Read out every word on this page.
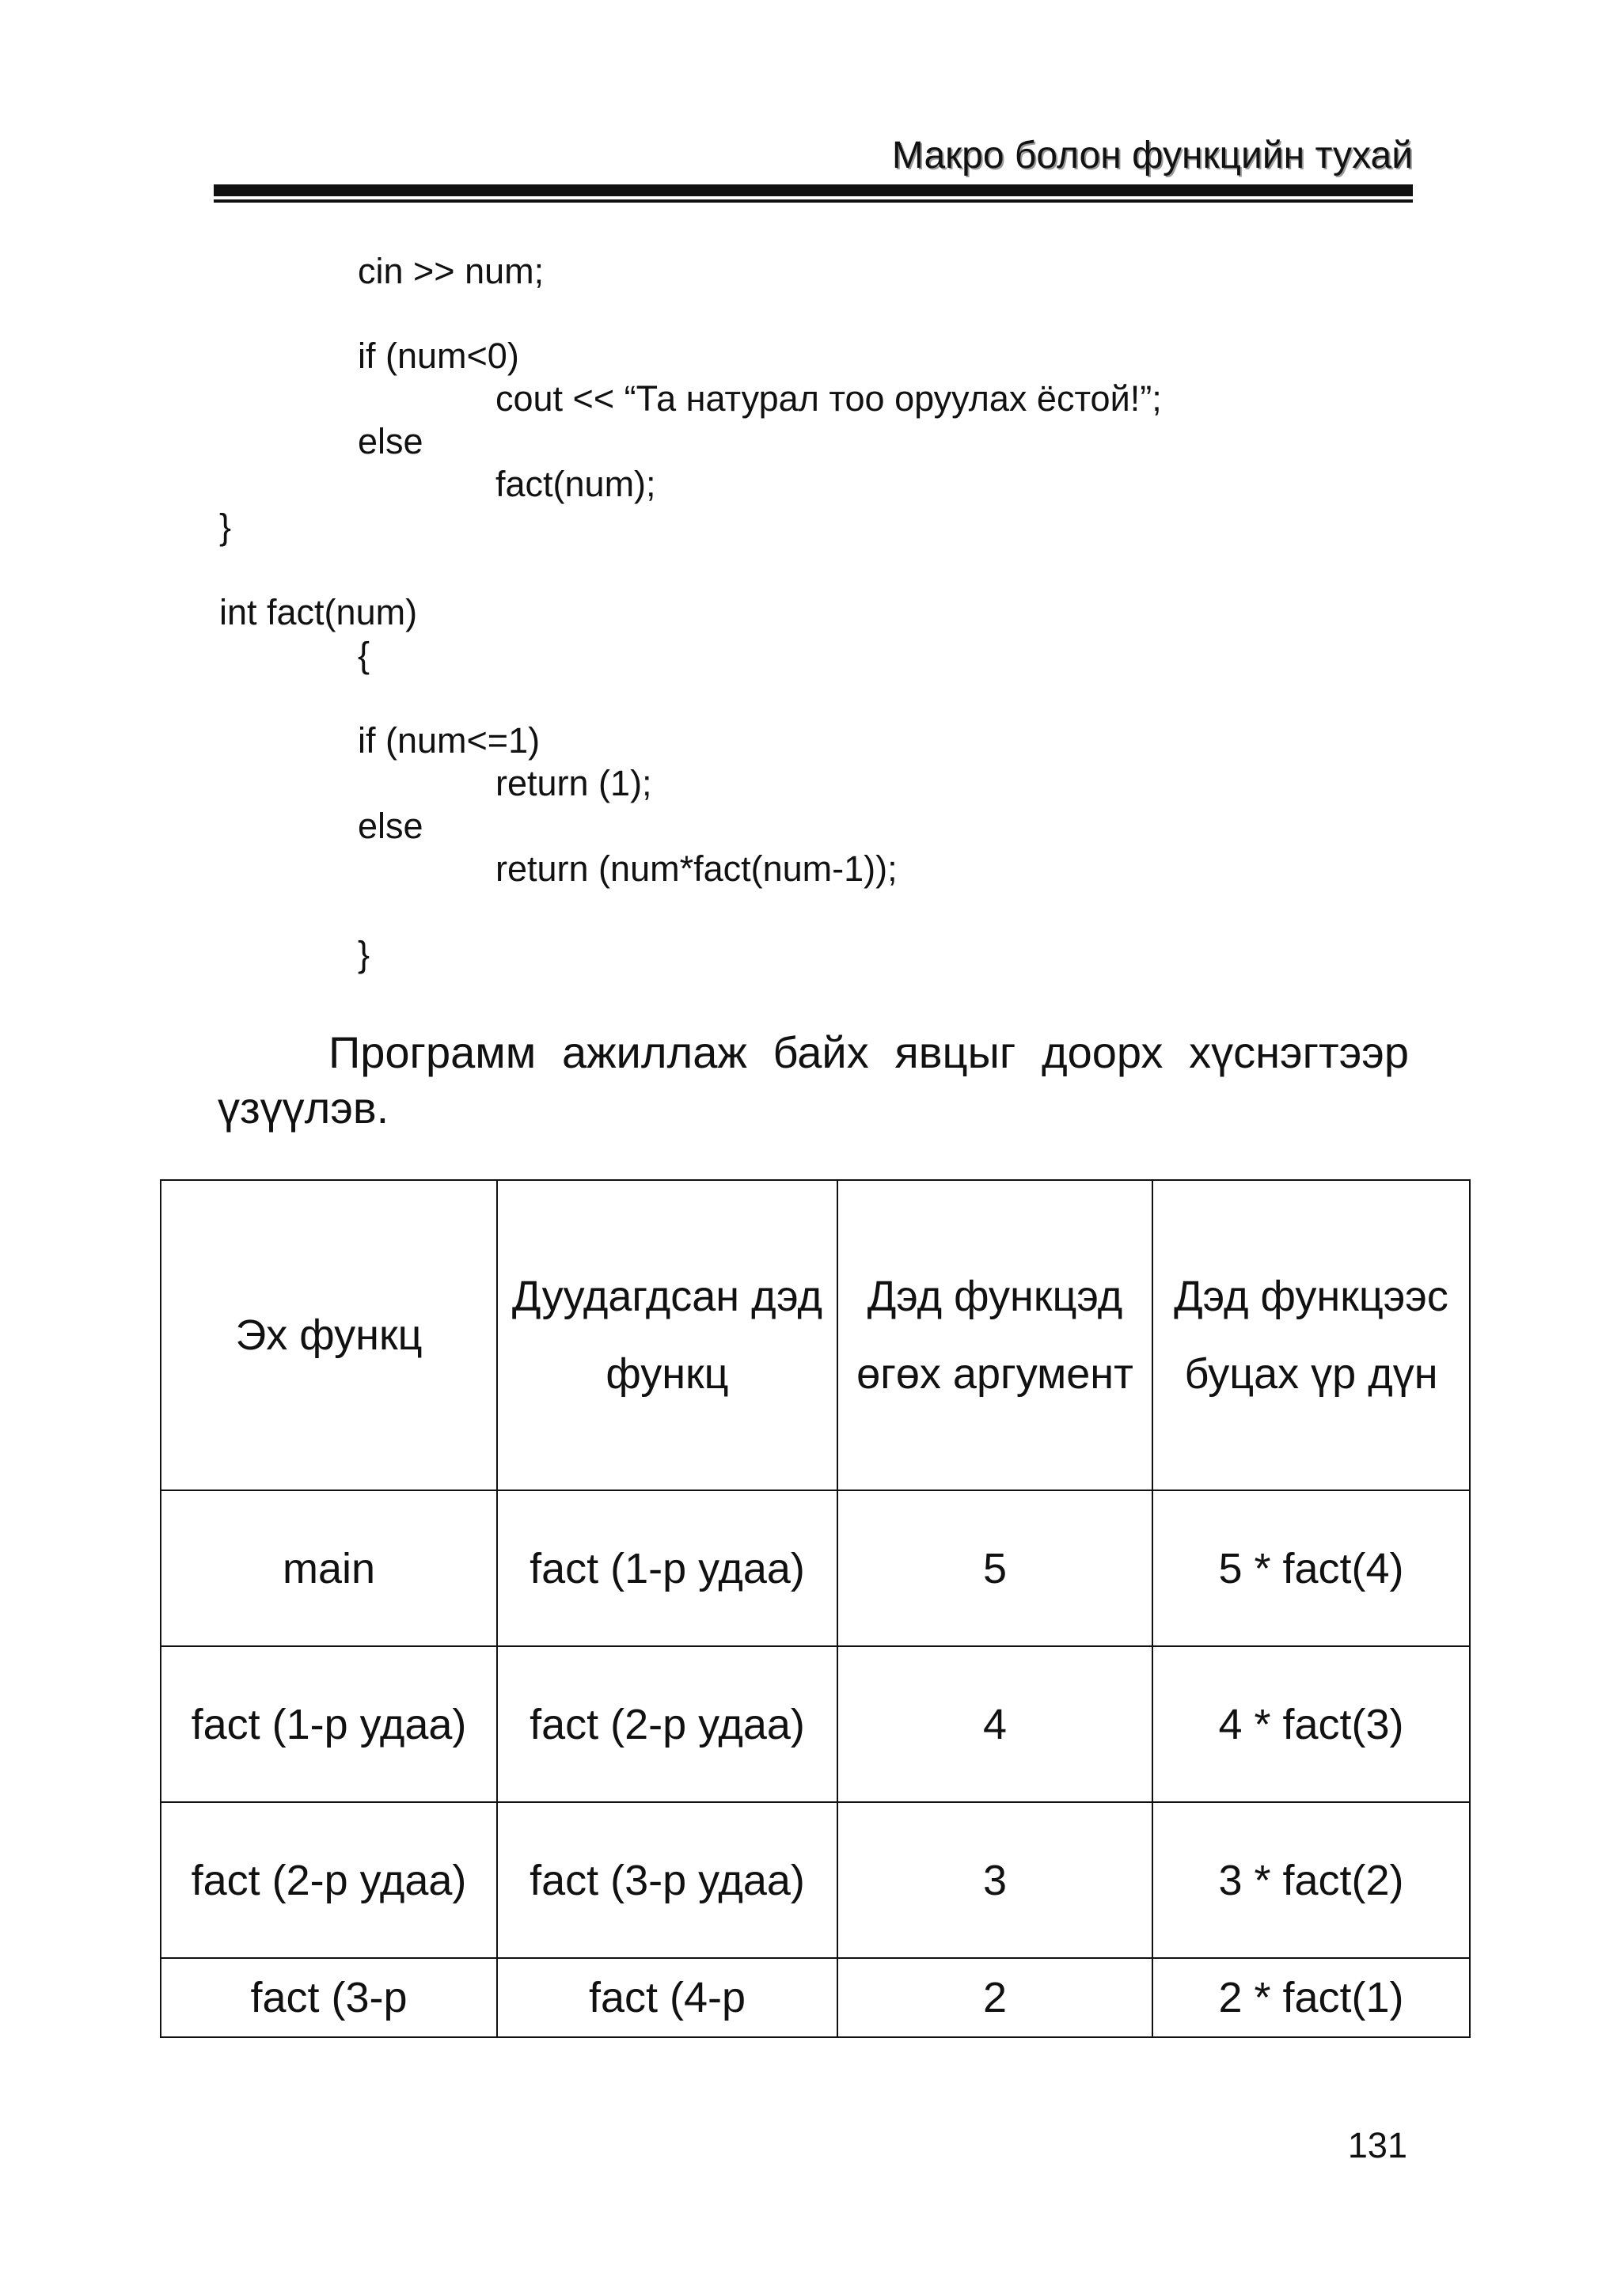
Макро болон функцийн тухай
cin >> num;
if (num<0)
cout << “Та натурал тоо оруулах ёстой!”;
else
fact(num);
}
int fact(num)
{
if (num<=1)
return (1);
else
return (num*fact(num-1));
}

Программ ажиллаж байх явцыг доорх хүснэгтээр үзүүлэв.

Эх функц	Дуудагдсан дэд функц	Дэд функцэд өгөх аргумент	Дэд функцээс буцах үр дүн
main	fact (1-р удаа)	5	5 * fact(4)
fact (1-р удаа)	fact (2-р удаа)	4	4 * fact(3)
fact (2-р удаа)	fact (3-р удаа)	3	3 * fact(2)
fact (3-р	fact (4-р	2	2 * fact(1)
131
